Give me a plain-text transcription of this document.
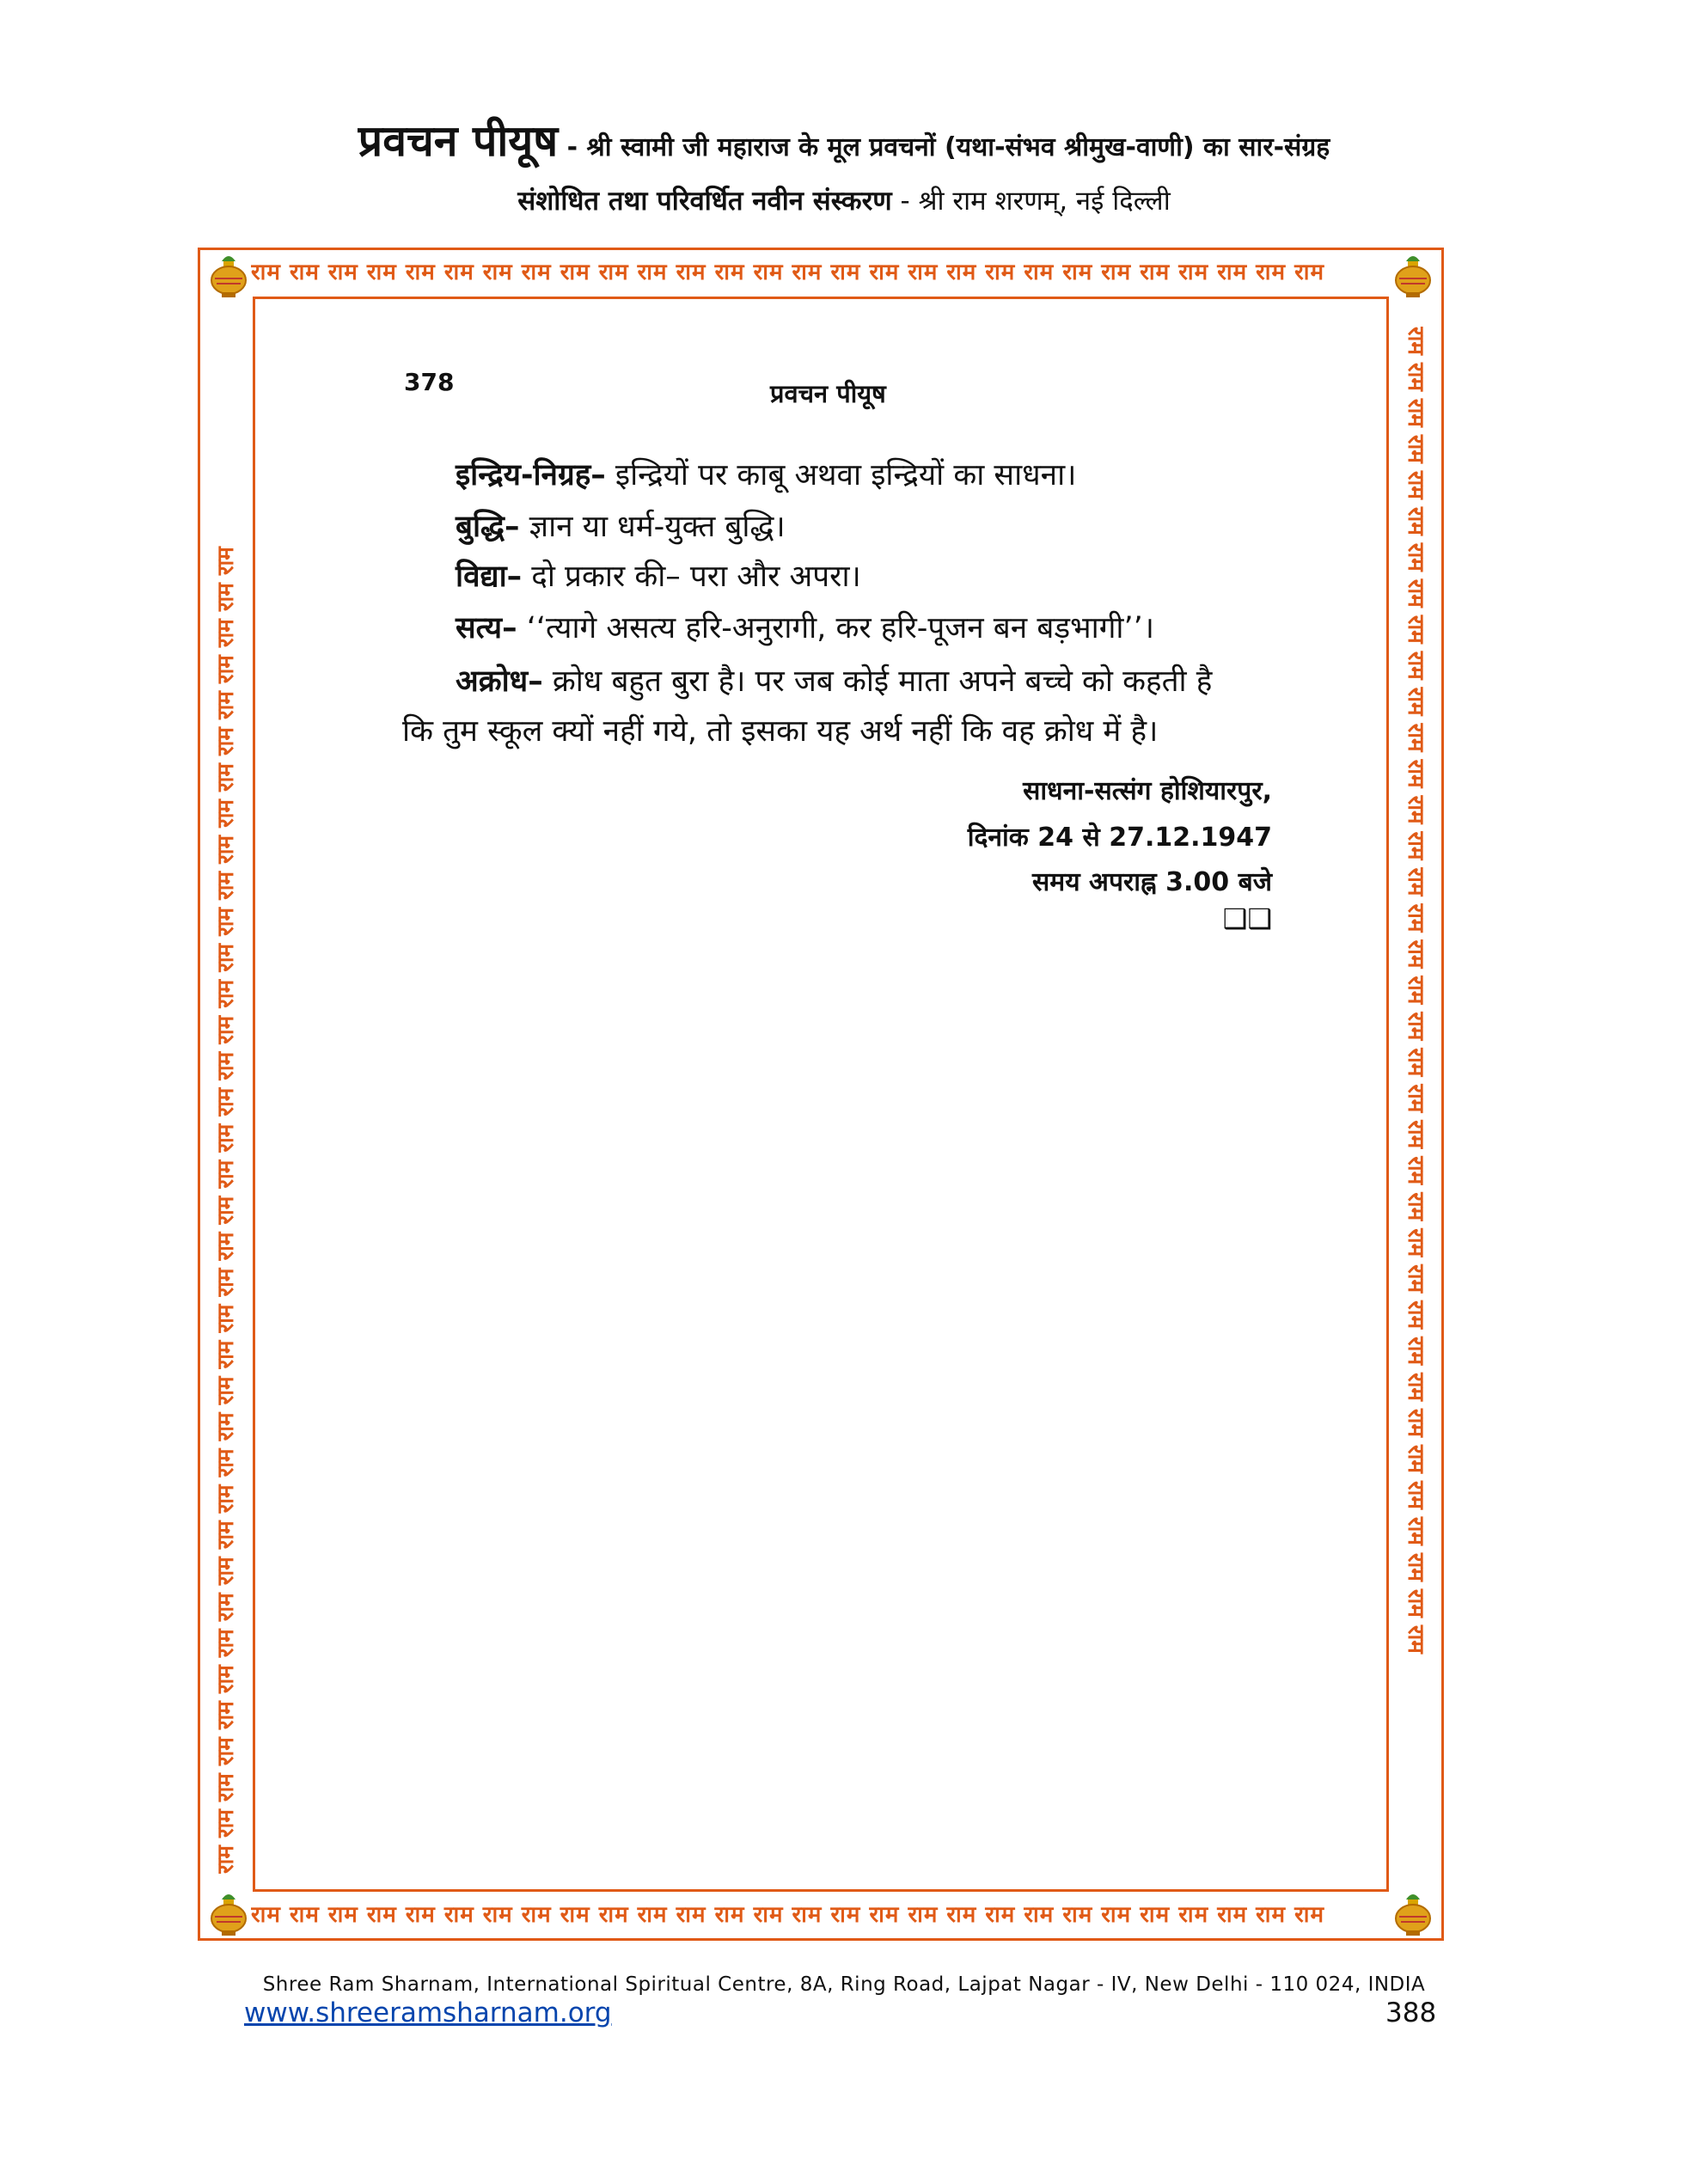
प्रवचन पीयूष - श्री स्वामी जी महाराज के मूल प्रवचनों (यथा-संभव श्रीमुख-वाणी) का सार-संग्रह
संशोधित तथा परिवर्धित नवीन संस्करण - श्री राम शरणम्, नई दिल्ली
राम राम राम राम राम राम राम राम राम राम राम राम राम राम राम राम राम राम राम राम राम राम राम राम राम राम राम राम
राम राम राम राम राम राम राम राम राम राम राम राम राम राम राम राम राम राम राम राम राम राम राम राम राम राम राम राम
राम राम राम राम राम राम राम राम राम राम राम राम राम राम राम राम राम राम राम राम राम राम राम राम राम राम राम राम राम राम राम राम राम राम राम राम राम	राम राम राम राम राम राम राम राम राम राम राम राम राम राम राम राम राम राम राम राम राम राम राम राम राम राम राम राम राम राम राम राम राम राम राम राम राम
378	प्रवचन पीयूष
इन्द्रिय-निग्रह– इन्द्रियों पर काबू अथवा इन्द्रियों का साधना।
बुद्धि– ज्ञान या धर्म-युक्त बुद्धि।
विद्या– दो प्रकार की– परा और अपरा।
सत्य– ‘‘त्यागे असत्य हरि-अनुरागी, कर हरि-पूजन बन बड़भागी’’।
अक्रोध– क्रोध बहुत बुरा है। पर जब कोई माता अपने बच्चे को कहती है
कि तुम स्कूल क्यों नहीं गये, तो इसका यह अर्थ नहीं कि वह क्रोध में है।
साधना-सत्संग होशियारपुर,
दिनांक 24 से 27.12.1947
समय अपराह्न 3.00 बजे
❑❑
Shree Ram Sharnam, International Spiritual Centre, 8A, Ring Road, Lajpat Nagar - IV, New Delhi - 110 024, INDIA
www.shreeramsharnam.org	388
